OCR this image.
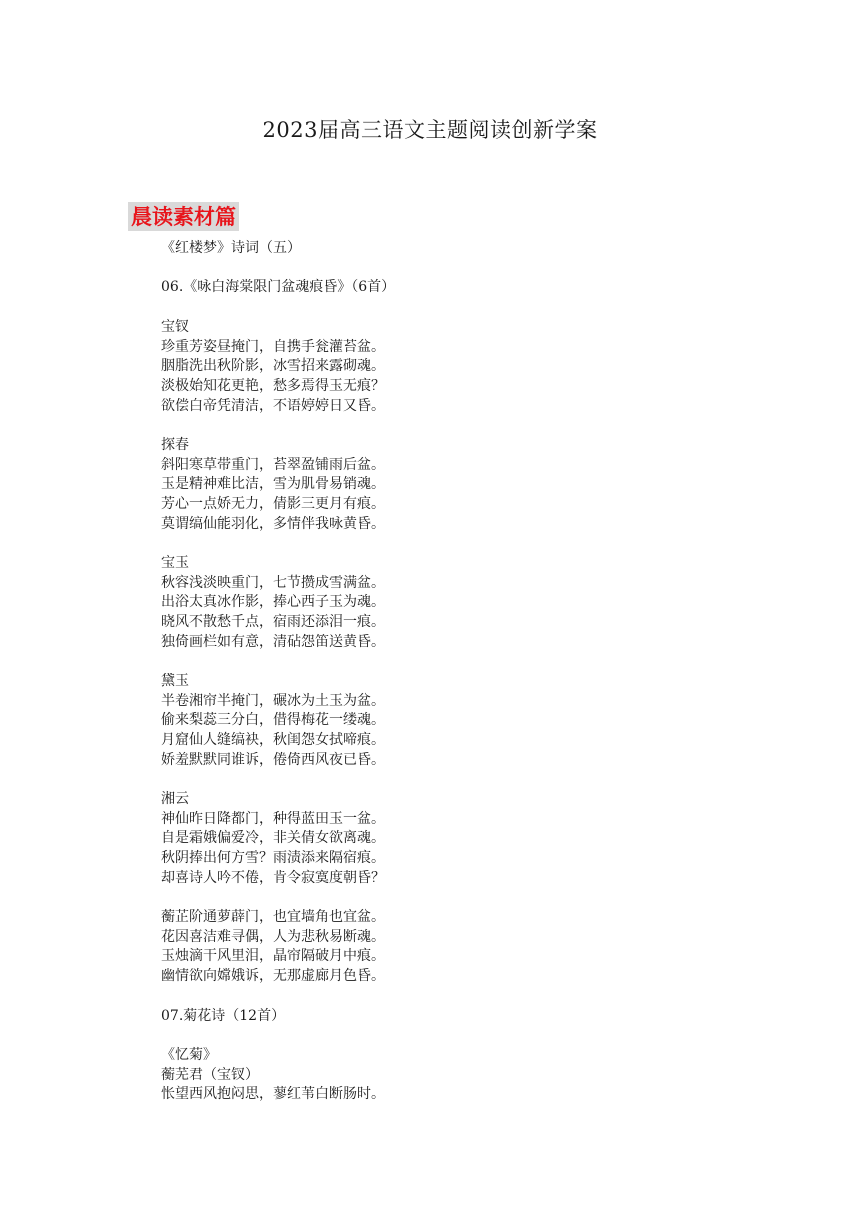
2023届高三语文主题阅读创新学案
晨读素材篇
《红楼梦》诗词（五）
06.《咏白海棠限门盆魂痕昏》（6首）
宝钗
珍重芳姿昼掩门，自携手瓮灌苔盆。
胭脂洗出秋阶影，冰雪招来露砌魂。
淡极始知花更艳，愁多焉得玉无痕？
欲偿白帝凭清洁，不语婷婷日又昏。
探春
斜阳寒草带重门，苔翠盈铺雨后盆。
玉是精神难比洁，雪为肌骨易销魂。
芳心一点娇无力，倩影三更月有痕。
莫谓缟仙能羽化，多情伴我咏黄昏。
宝玉
秋容浅淡映重门，七节攒成雪满盆。
出浴太真冰作影，捧心西子玉为魂。
晓风不散愁千点，宿雨还添泪一痕。
独倚画栏如有意，清砧怨笛送黄昏。
黛玉
半卷湘帘半掩门，碾冰为土玉为盆。
偷来梨蕊三分白，借得梅花一缕魂。
月窟仙人缝缟袂，秋闺怨女拭啼痕。
娇羞默默同谁诉，倦倚西风夜已昏。
湘云
神仙昨日降都门，种得蓝田玉一盆。
自是霜娥偏爱冷，非关倩女欲离魂。
秋阴捧出何方雪？雨渍添来隔宿痕。
却喜诗人吟不倦，肯令寂寞度朝昏？
蘅芷阶通萝薜门，也宜墙角也宜盆。
花因喜洁难寻偶，人为悲秋易断魂。
玉烛滴干风里泪，晶帘隔破月中痕。
幽情欲向嫦娥诉，无那虚廊月色昏。
07.菊花诗（12首）
《忆菊》
蘅芜君（宝钗）
怅望西风抱闷思，蓼红苇白断肠时。
